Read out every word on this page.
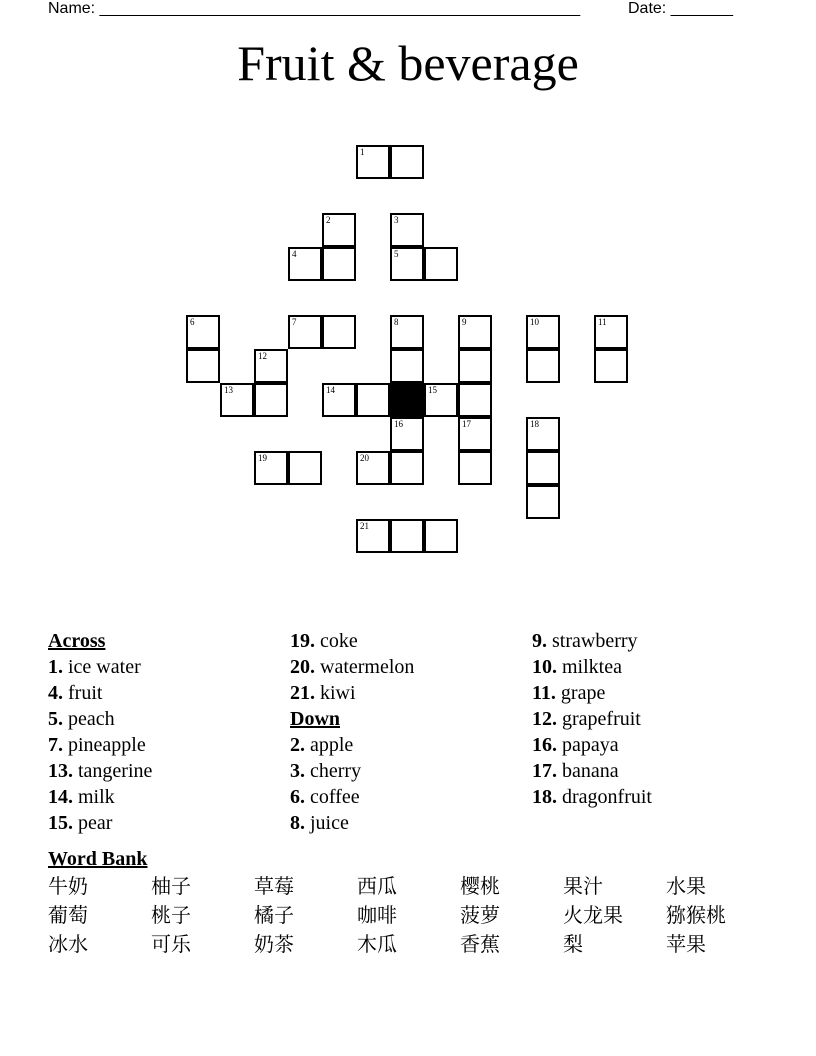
Name: ______________________________________________________	Date: _______
Fruit & beverage
1
2	3
4	5
6	7	8	9	10	11
12
13	14	15
16	17	18
19	20
21
Across
1. ice water
4. fruit
5. peach
7. pineapple
13. tangerine
14. milk
15. pear
19. coke
20. watermelon
21. kiwi
Down
2. apple
3. cherry
6. coffee
8. juice
9. strawberry
10. milktea
11. grape
12. grapefruit
16. papaya
17. banana
18. dragonfruit
Word Bank
牛奶	柚子	草莓	西瓜	樱桃	果汁	水果
葡萄	桃子	橘子	咖啡	菠萝	火龙果	猕猴桃
冰水	可乐	奶茶	木瓜	香蕉	梨	苹果
